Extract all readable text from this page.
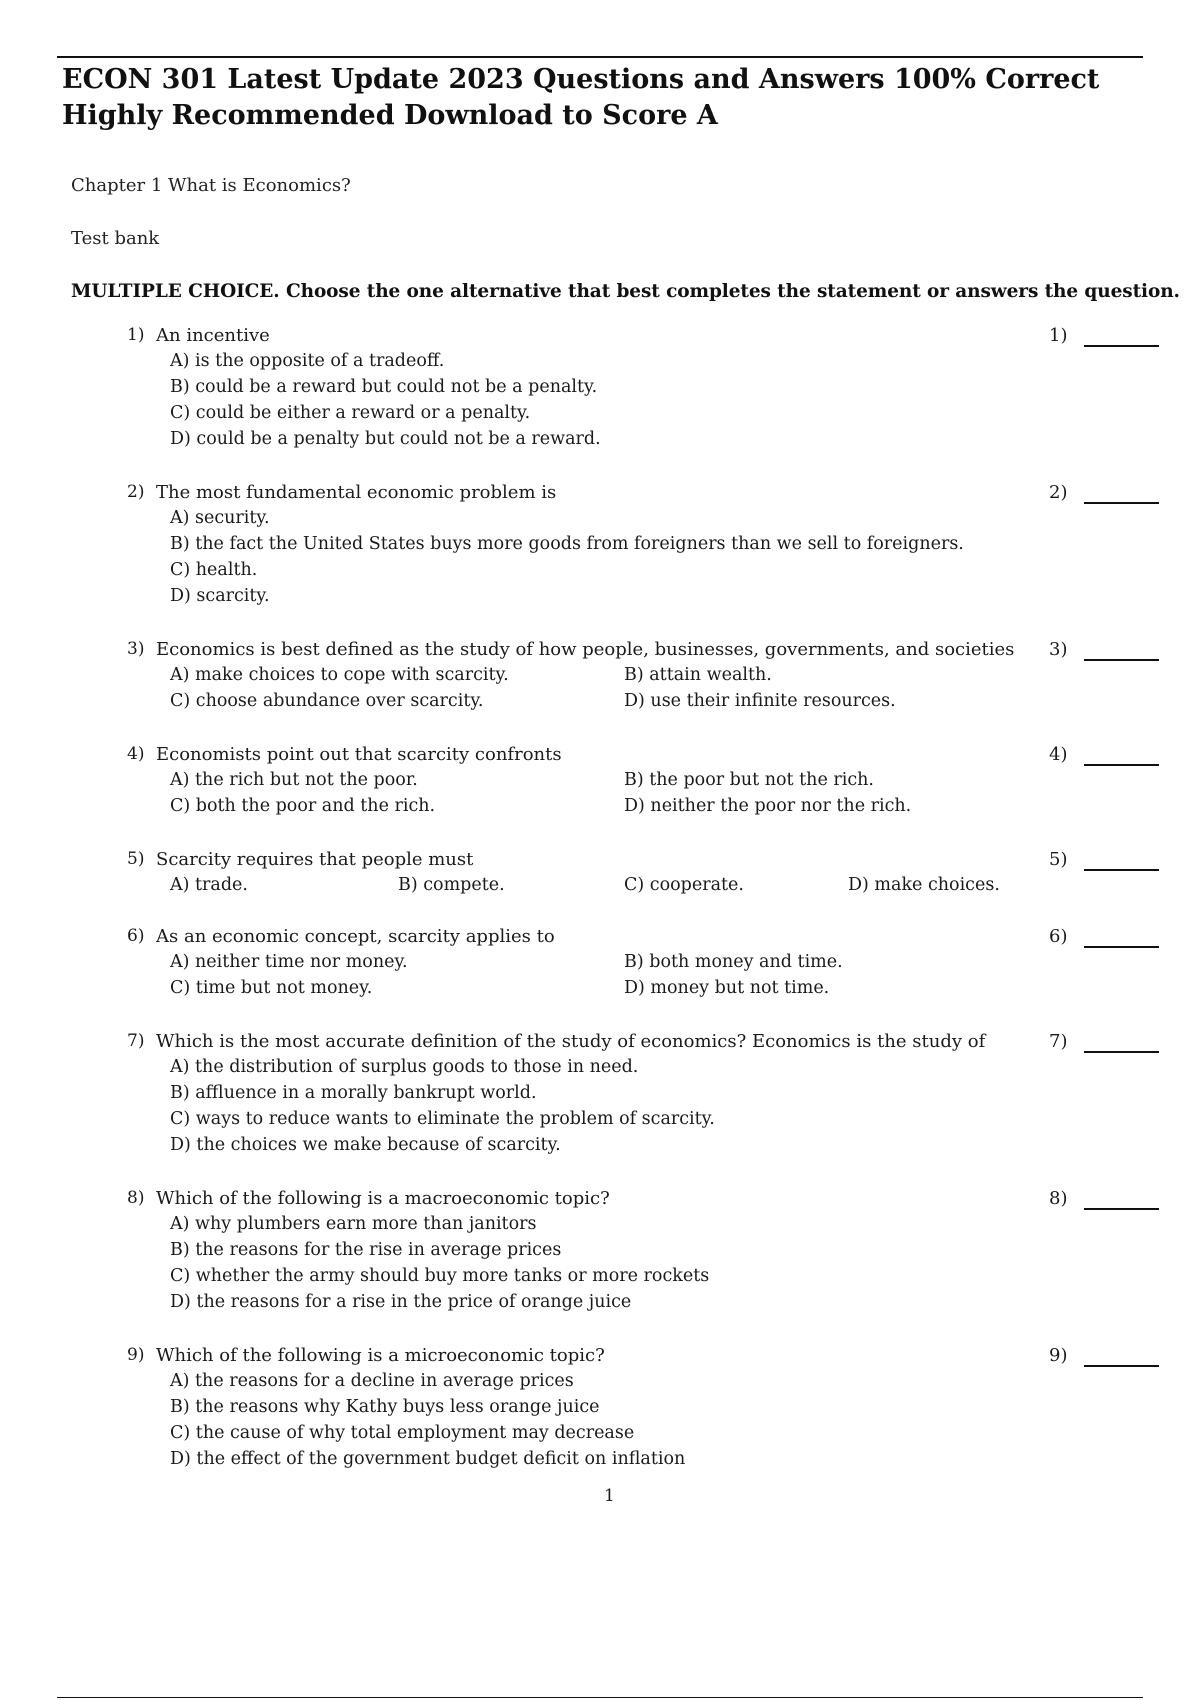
ECON 301 Latest Update 2023 Questions and Answers 100% Correct Highly Recommended Download to Score A
Chapter 1 What is Economics?
Test bank
MULTIPLE CHOICE. Choose the one alternative that best completes the statement or answers the question.
1) An incentive	1)
A) is the opposite of a tradeoff.
B) could be a reward but could not be a penalty.
C) could be either a reward or a penalty.
D) could be a penalty but could not be a reward.
2) The most fundamental economic problem is	2)
A) security.
B) the fact the United States buys more goods from foreigners than we sell to foreigners.
C) health.
D) scarcity.
3) Economics is best defined as the study of how people, businesses, governments, and societies 3)
A) make choices to cope with scarcity.	B) attain wealth.
C) choose abundance over scarcity.	D) use their infinite resources.
4) Economists point out that scarcity confronts	4)
A) the rich but not the poor.	B) the poor but not the rich.
C) both the poor and the rich.	D) neither the poor nor the rich.
5) Scarcity requires that people must	5)
A) trade.	B) compete.	C) cooperate.	D) make choices.
6) As an economic concept, scarcity applies to	6)
A) neither time nor money.	B) both money and time.
C) time but not money.	D) money but not time.
7) Which is the most accurate definition of the study of economics? Economics is the study of	7)
A) the distribution of surplus goods to those in need.
B) affluence in a morally bankrupt world.
C) ways to reduce wants to eliminate the problem of scarcity.
D) the choices we make because of scarcity.
8) Which of the following is a macroeconomic topic?	8)
A) why plumbers earn more than janitors
B) the reasons for the rise in average prices
C) whether the army should buy more tanks or more rockets
D) the reasons for a rise in the price of orange juice
9) Which of the following is a microeconomic topic?	9)
A) the reasons for a decline in average prices
B) the reasons why Kathy buys less orange juice
C) the cause of why total employment may decrease
D) the effect of the government budget deficit on inflation
1
